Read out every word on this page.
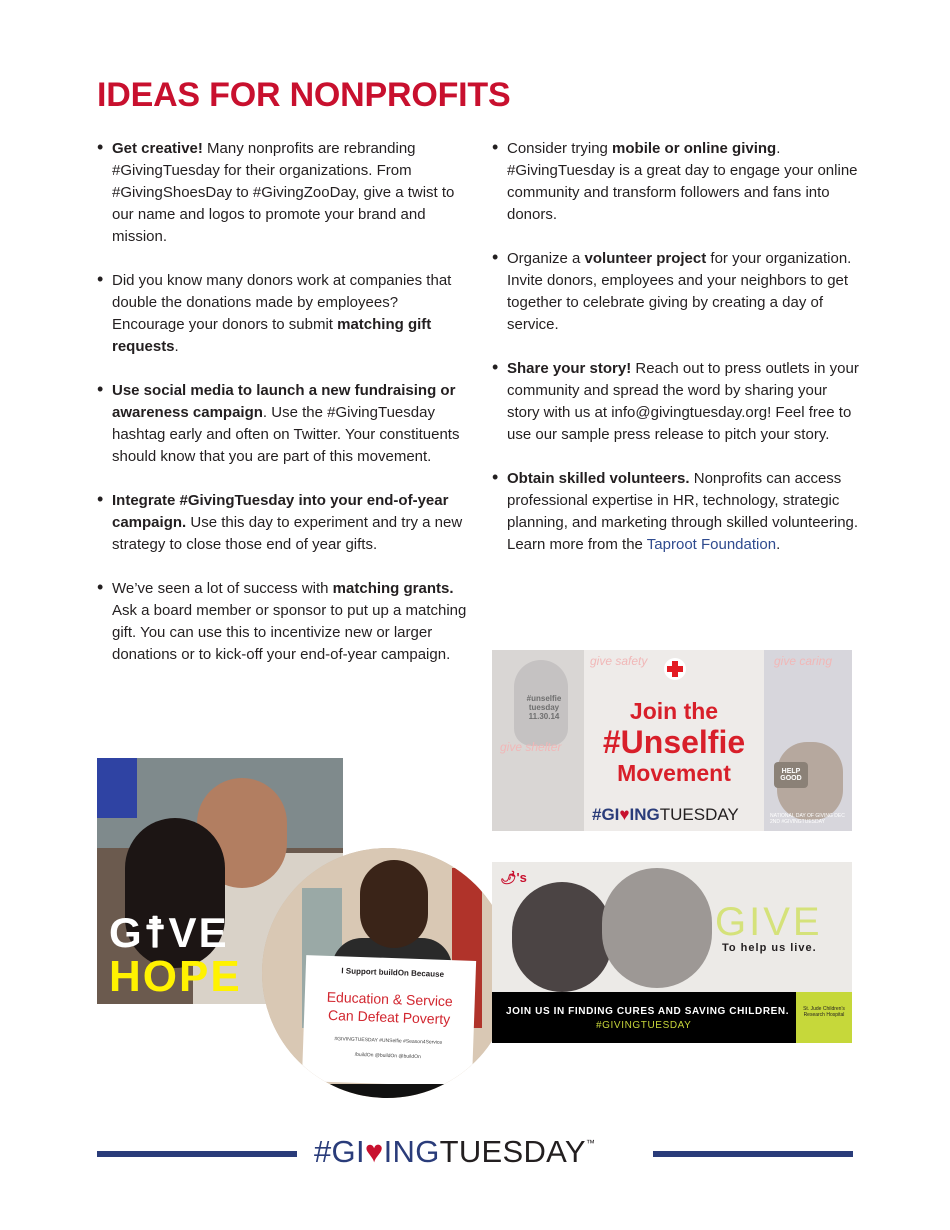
IDEAS FOR NONPROFITS

• Get creative! Many nonprofits are rebranding #GivingTuesday for their organizations. From #GivingShoesDay to #GivingZooDay, give a twist to our name and logos to promote your brand and mission.

• Did you know many donors work at companies that double the donations made by employees? Encourage your donors to submit matching gift requests.

• Use social media to launch a new fundraising or awareness campaign. Use the #GivingTuesday hashtag early and often on Twitter. Your constituents should know that you are part of this movement.

• Integrate #GivingTuesday into your end-of-year campaign. Use this day to experiment and try a new strategy to close those end of year gifts.

• We’ve seen a lot of success with matching grants. Ask a board member or sponsor to put up a matching gift. You can use this to incentivize new or larger donations or to kick-off your end-of-year campaign.

• Consider trying mobile or online giving. #GivingTuesday is a great day to engage your online community and transform followers and fans into donors.

• Organize a volunteer project for your organization. Invite donors, employees and your neighbors to get together to celebrate giving by creating a day of service.

• Share your story! Reach out to press outlets in your community and spread the word by sharing your story with us at info@givingtuesday.org! Feel free to use our sample press release to pitch your story.

• Obtain skilled volunteers. Nonprofits can access professional expertise in HR, technology, strategic planning, and marketing through skilled volunteering. Learn more from the Taproot Foundation.

#unselfie tuesday 11.30.14
give safety
give shelter
give caring
HELP GOOD
Join the
#Unselfie
Movement
#GI♥INGTUESDAY	NATIONAL DAY OF GIVING DEC 2ND #GIVINGTUESDAY
G☨VE
HOPE	I Support buildOn Because
Education & Service Can Defeat Poverty
#GIVINGTUESDAY #UNSelfie #Season4Service
/buildOn @buildOn @buildOn
🌶's
GIVE
To help us live.
JOIN US IN FINDING CURES AND SAVING CHILDREN.
#GIVINGTUESDAY
St. Jude Children's Research Hospital
#GI♥INGTUESDAY™
